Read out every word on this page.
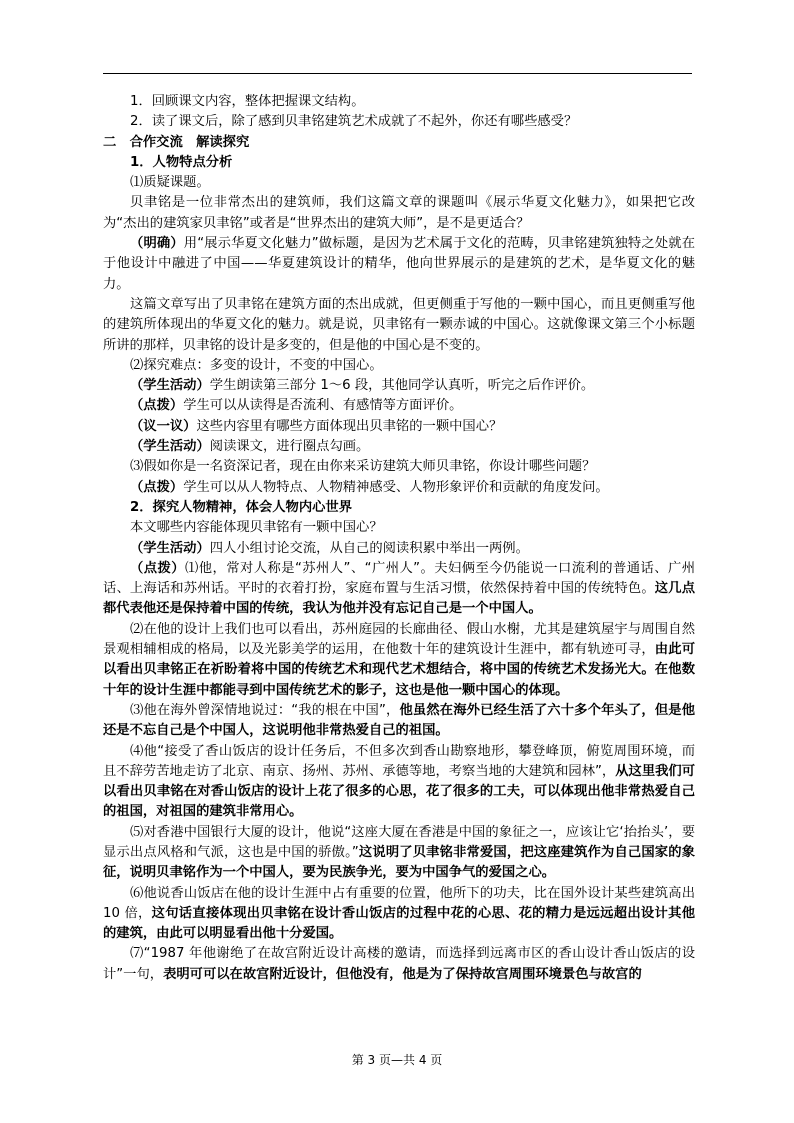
1．回顾课文内容，整体把握课文结构。

2．读了课文后，除了感到贝聿铭建筑艺术成就了不起外，你还有哪些感受？

二　合作交流　解读探究

1．人物特点分析

⑴质疑课题。

贝聿铭是一位非常杰出的建筑师，我们这篇文章的课题叫《展示华夏文化魅力》，如果把它改为“杰出的建筑家贝聿铭”或者是“世界杰出的建筑大师”，是不是更适合？

（明确）用“展示华夏文化魅力”做标题，是因为艺术属于文化的范畴，贝聿铭建筑独特之处就在于他设计中融进了中国——华夏建筑设计的精华，他向世界展示的是建筑的艺术，是华夏文化的魅力。

这篇文章写出了贝聿铭在建筑方面的杰出成就，但更侧重于写他的一颗中国心，而且更侧重写他的建筑所体现出的华夏文化的魅力。就是说，贝聿铭有一颗赤诚的中国心。这就像课文第三个小标题所讲的那样，贝聿铭的设计是多变的，但是他的中国心是不变的。

⑵探究难点：多变的设计，不变的中国心。

（学生活动）学生朗读第三部分 1～6 段，其他同学认真听，听完之后作评价。

（点拨）学生可以从读得是否流利、有感情等方面评价。

（议一议）这些内容里有哪些方面体现出贝聿铭的一颗中国心？

（学生活动）阅读课文，进行圈点勾画。

⑶假如你是一名资深记者，现在由你来采访建筑大师贝聿铭，你设计哪些问题？

（点拨）学生可以从人物特点、人物精神感受、人物形象评价和贡献的角度发问。

2．探究人物精神，体会人物内心世界

本文哪些内容能体现贝聿铭有一颗中国心？

（学生活动）四人小组讨论交流，从自己的阅读积累中举出一两例。

（点拨）⑴他，常对人称是“苏州人”、“广州人”。夫妇俩至今仍能说一口流利的普通话、广州话、上海话和苏州话。平时的衣着打扮，家庭布置与生活习惯，依然保持着中国的传统特色。这几点都代表他还是保持着中国的传统，我认为他并没有忘记自己是一个中国人。

⑵在他的设计上我们也可以看出，苏州庭园的长廊曲径、假山水榭，尤其是建筑屋宇与周围自然景观相辅相成的格局，以及光影美学的运用，在他数十年的建筑设计生涯中，都有轨迹可寻，由此可以看出贝聿铭正在祈盼着将中国的传统艺术和现代艺术想结合，将中国的传统艺术发扬光大。在他数十年的设计生涯中都能寻到中国传统艺术的影子，这也是他一颗中国心的体现。

⑶他在海外曾深情地说过：“我的根在中国”，他虽然在海外已经生活了六十多个年头了，但是他还是不忘自己是个中国人，这说明他非常热爱自己的祖国。

⑷他“接受了香山饭店的设计任务后，不但多次到香山勘察地形，攀登峰顶，俯览周围环境，而且不辞劳苦地走访了北京、南京、扬州、苏州、承德等地，考察当地的大建筑和园林”，从这里我们可以看出贝聿铭在对香山饭店的设计上花了很多的心思，花了很多的工夫，可以体现出他非常热爱自己的祖国，对祖国的建筑非常用心。

⑸对香港中国银行大厦的设计，他说“这座大厦在香港是中国的象征之一，应该让它‘抬抬头’，要显示出点风格和气派，这也是中国的骄傲。”这说明了贝聿铭非常爱国，把这座建筑作为自己国家的象征，说明贝聿铭作为一个中国人，要为民族争光，要为中国争气的爱国之心。

⑹他说香山饭店在他的设计生涯中占有重要的位置，他所下的功夫，比在国外设计某些建筑高出 10 倍，这句话直接体现出贝聿铭在设计香山饭店的过程中花的心思、花的精力是远远超出设计其他的建筑，由此可以明显看出他十分爱国。

⑺“1987 年他谢绝了在故宫附近设计高楼的邀请，而选择到远离市区的香山设计香山饭店的设计”一句，表明可可以在故宫附近设计，但他没有，他是为了保持故宫周围环境景色与故宫的

第 3 页—共 4 页
